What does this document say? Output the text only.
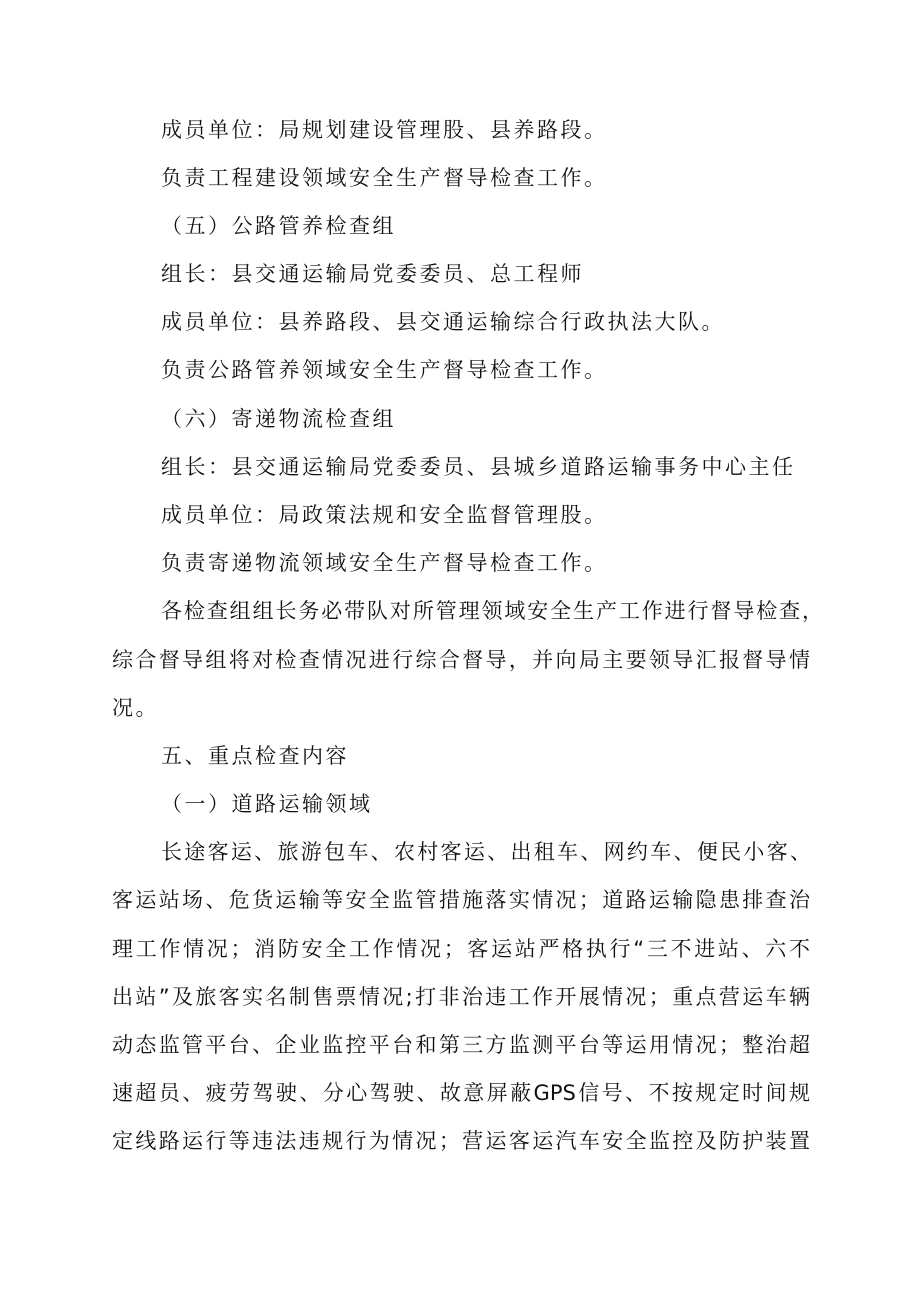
成员单位：局规划建设管理股、县养路段。
负责工程建设领域安全生产督导检查工作。
（五）公路管养检查组
组长：县交通运输局党委委员、总工程师
成员单位：县养路段、县交通运输综合行政执法大队。
负责公路管养领域安全生产督导检查工作。
（六）寄递物流检查组
组长：县交通运输局党委委员、县城乡道路运输事务中心主任
成员单位：局政策法规和安全监督管理股。
负责寄递物流领域安全生产督导检查工作。
各检查组组长务必带队对所管理领域安全生产工作进行督导检查，
综合督导组将对检查情况进行综合督导，并向局主要领导汇报督导情
况。
五、重点检查内容
（一）道路运输领域
长途客运、旅游包车、农村客运、出租车、网约车、便民小客、
客运站场、危货运输等安全监管措施落实情况；道路运输隐患排查治
理工作情况；消防安全工作情况；客运站严格执行“三不进站、六不
出站”及旅客实名制售票情况;打非治违工作开展情况；重点营运车辆
动态监管平台、企业监控平台和第三方监测平台等运用情况；整治超
速超员、疲劳驾驶、分心驾驶、故意屏蔽GPS信号、不按规定时间规
定线路运行等违法违规行为情况；营运客运汽车安全监控及防护装置
